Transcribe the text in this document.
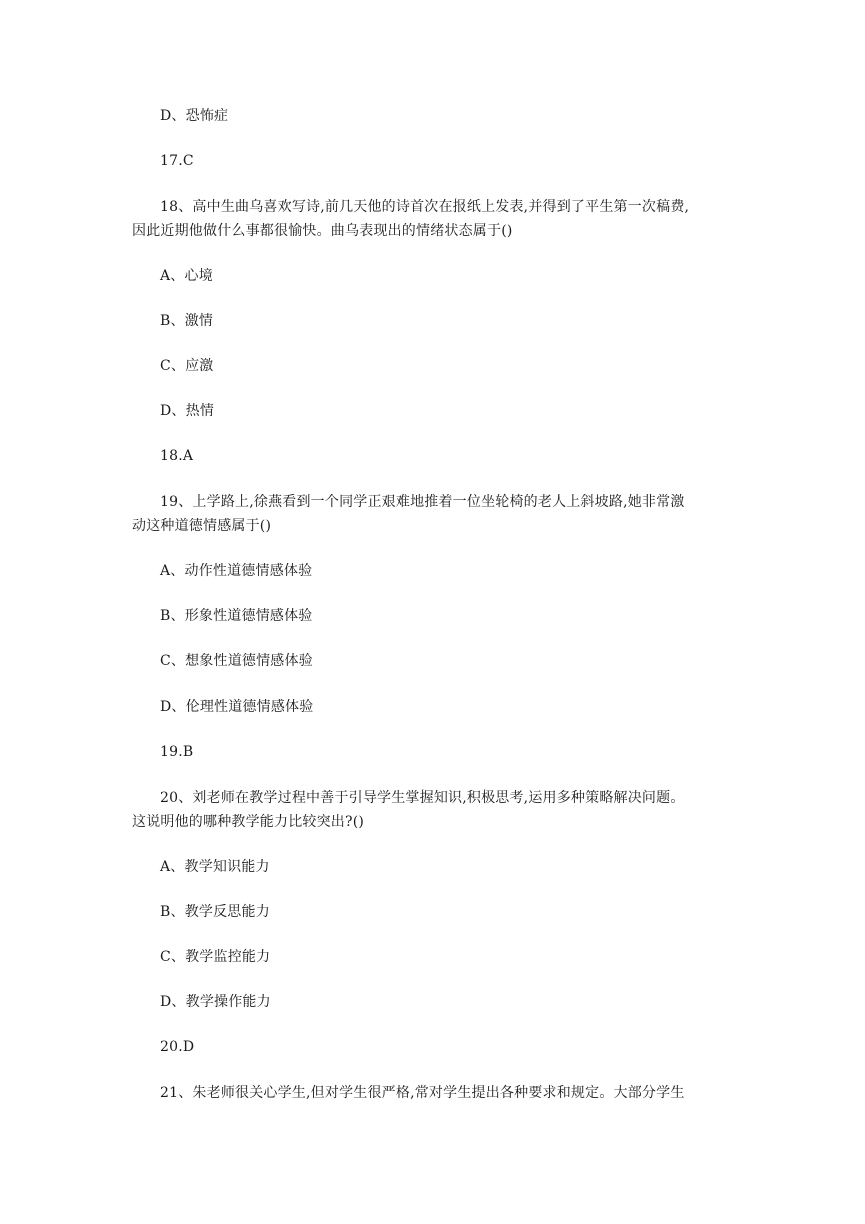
D、恐怖症
17.C
18、高中生曲乌喜欢写诗,前几天他的诗首次在报纸上发表,并得到了平生第一次稿费,
因此近期他做什么事都很愉快。曲乌表现出的情绪状态属于()
A、心境
B、激情
C、应激
D、热情
18.A
19、上学路上,徐燕看到一个同学正艰难地推着一位坐轮椅的老人上斜坡路,她非常激
动这种道德情感属于()
A、动作性道德情感体验
B、形象性道德情感体验
C、想象性道德情感体验
D、伦理性道德情感体验
19.B
20、刘老师在教学过程中善于引导学生掌握知识,积极思考,运用多种策略解决问题。
这说明他的哪种教学能力比较突出?()
A、教学知识能力
B、教学反思能力
C、教学监控能力
D、教学操作能力
20.D
21、朱老师很关心学生,但对学生很严格,常对学生提出各种要求和规定。大部分学生
